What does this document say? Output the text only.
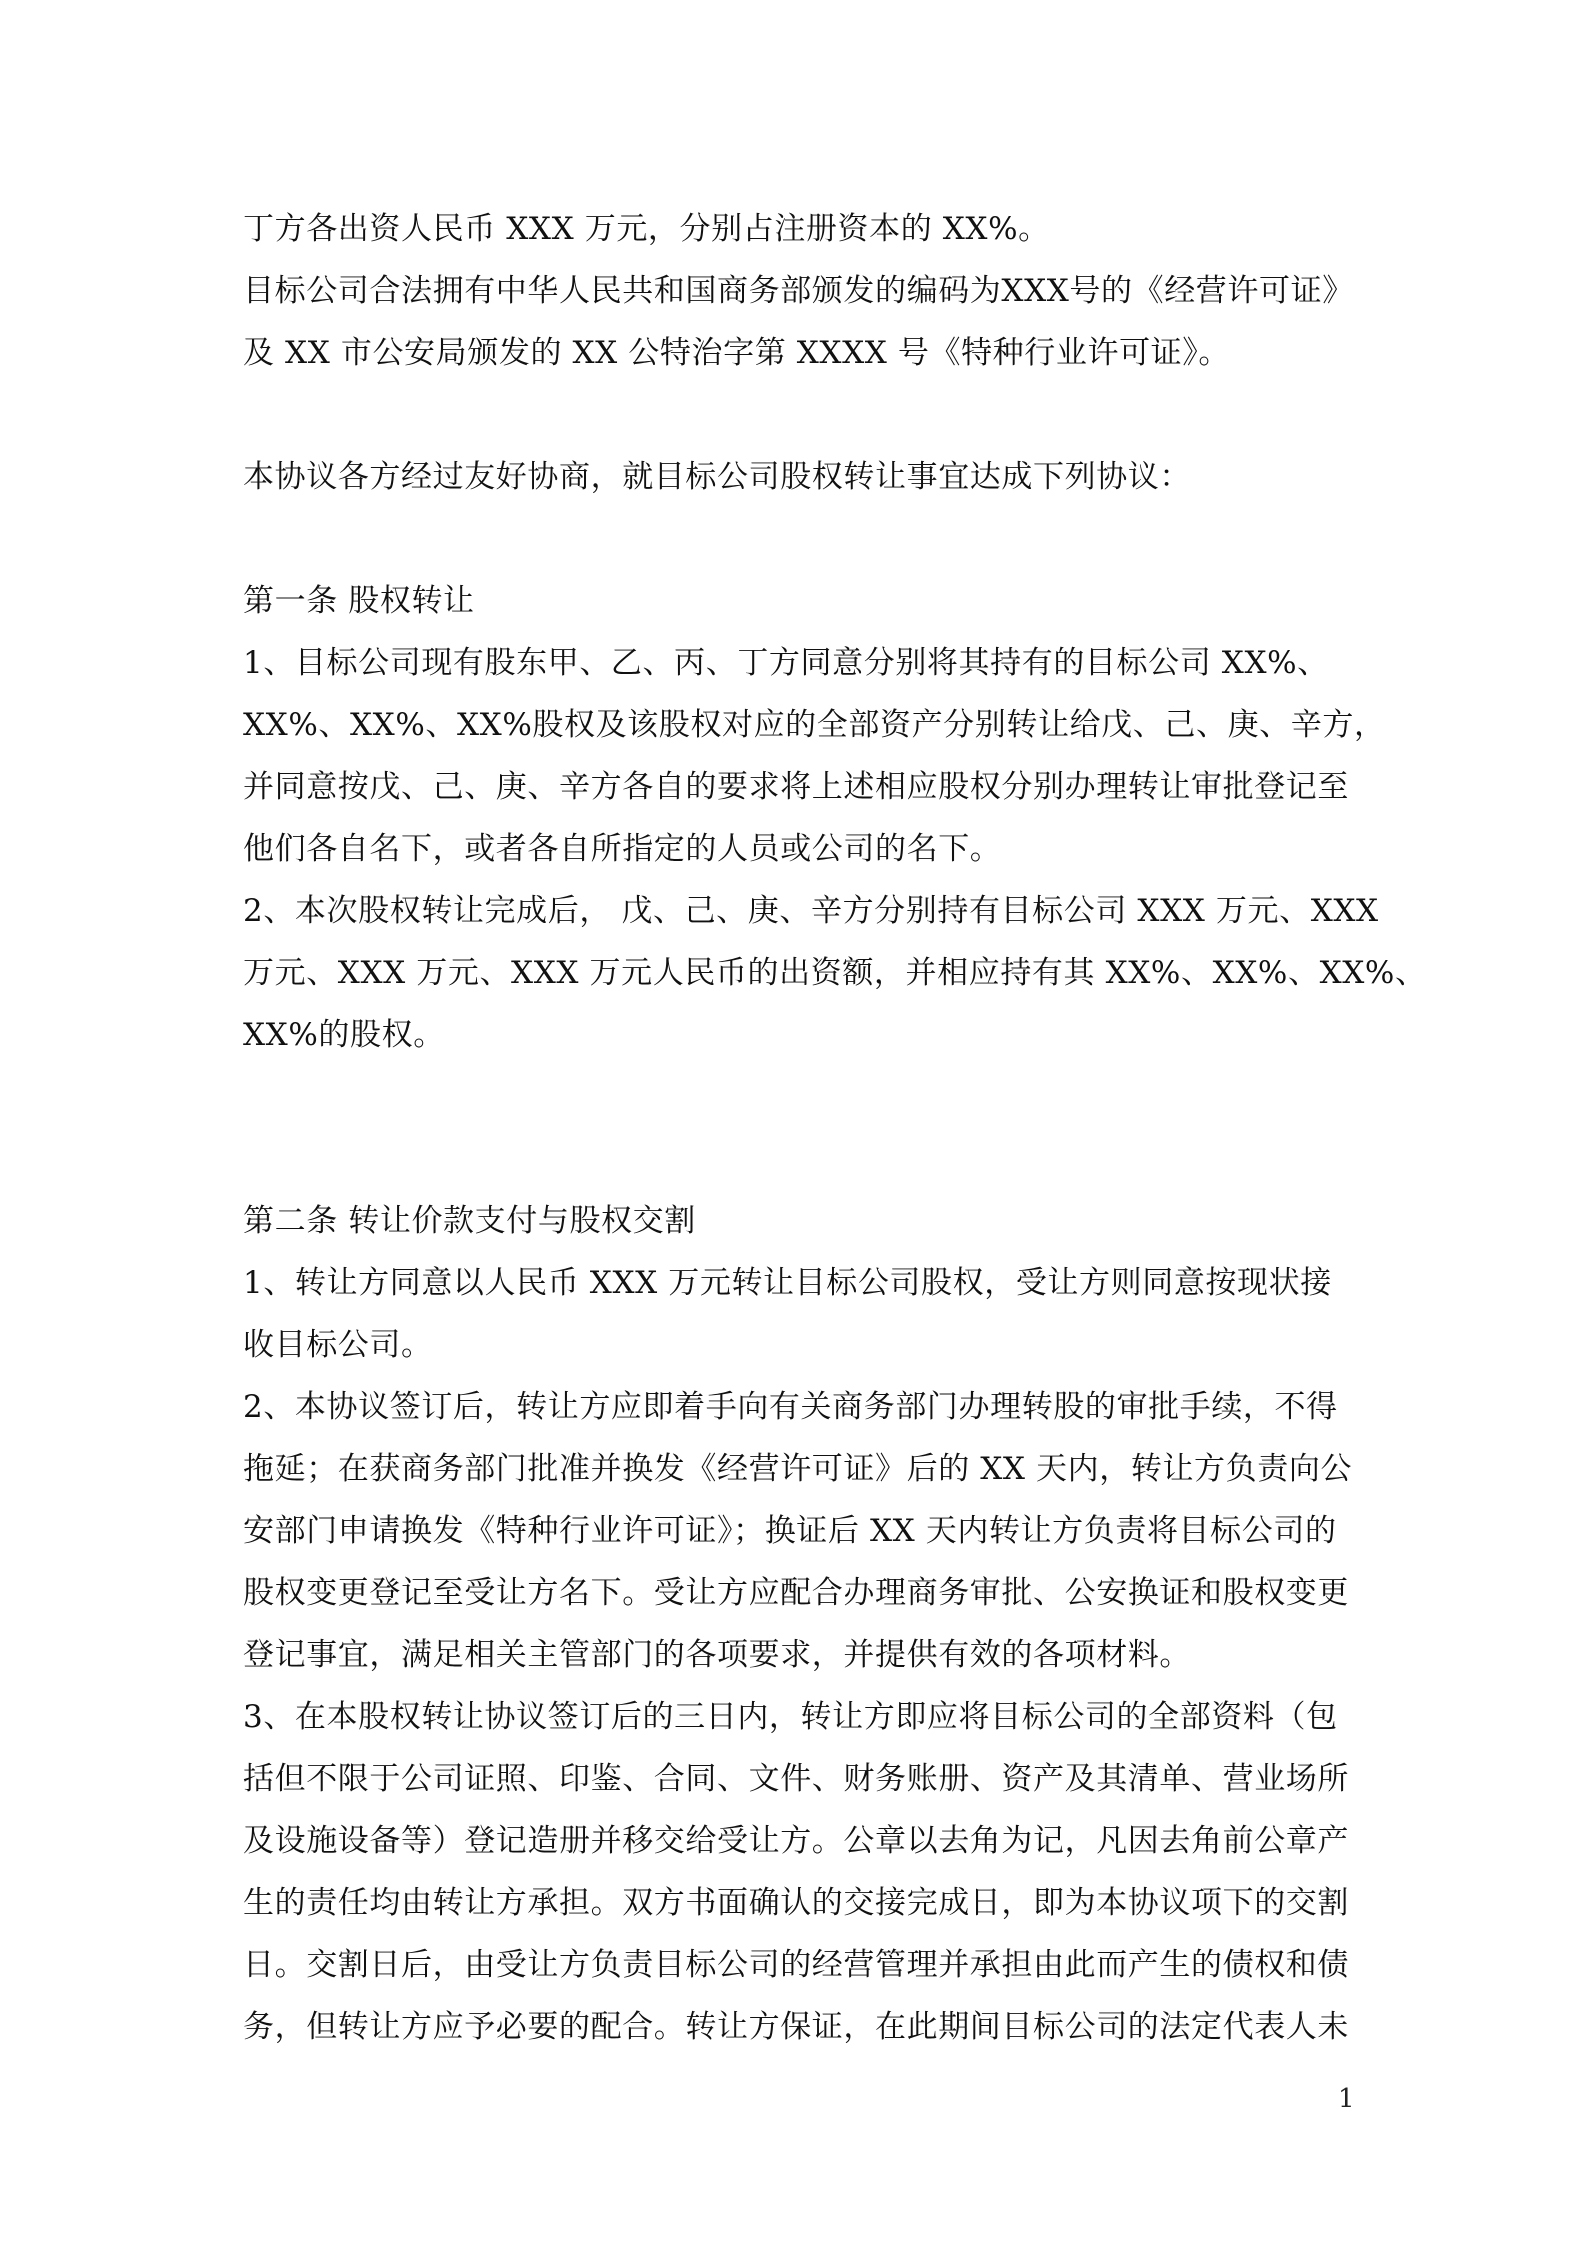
丁方各出资人民币 XXX 万元，分别占注册资本的 XX%。
目标公司合法拥有中华人民共和国商务部颁发的编码为XXX号的《经营许可证》
及 XX 市公安局颁发的 XX 公特治字第 XXXX 号《特种行业许可证》。
本协议各方经过友好协商，就目标公司股权转让事宜达成下列协议：
第一条 股权转让
1、目标公司现有股东甲、乙、丙、丁方同意分别将其持有的目标公司 XX%、
XX%、XX%、XX%股权及该股权对应的全部资产分别转让给戊、己、庚、辛方，
并同意按戊、己、庚、辛方各自的要求将上述相应股权分别办理转让审批登记至
他们各自名下，或者各自所指定的人员或公司的名下。
2、本次股权转让完成后， 戊、己、庚、辛方分别持有目标公司 XXX 万元、XXX
万元、XXX 万元、XXX 万元人民币的出资额，并相应持有其 XX%、XX%、XX%、
XX%的股权。
第二条 转让价款支付与股权交割
1、转让方同意以人民币 XXX 万元转让目标公司股权，受让方则同意按现状接
收目标公司。
2、本协议签订后，转让方应即着手向有关商务部门办理转股的审批手续，不得
拖延；在获商务部门批准并换发《经营许可证》后的 XX 天内，转让方负责向公
安部门申请换发《特种行业许可证》；换证后 XX 天内转让方负责将目标公司的
股权变更登记至受让方名下。受让方应配合办理商务审批、公安换证和股权变更
登记事宜，满足相关主管部门的各项要求，并提供有效的各项材料。
3、在本股权转让协议签订后的三日内，转让方即应将目标公司的全部资料（包
括但不限于公司证照、印鉴、合同、文件、财务账册、资产及其清单、营业场所
及设施设备等）登记造册并移交给受让方。公章以去角为记，凡因去角前公章产
生的责任均由转让方承担。双方书面确认的交接完成日，即为本协议项下的交割
日。交割日后，由受让方负责目标公司的经营管理并承担由此而产生的债权和债
务，但转让方应予必要的配合。转让方保证，在此期间目标公司的法定代表人未
1
